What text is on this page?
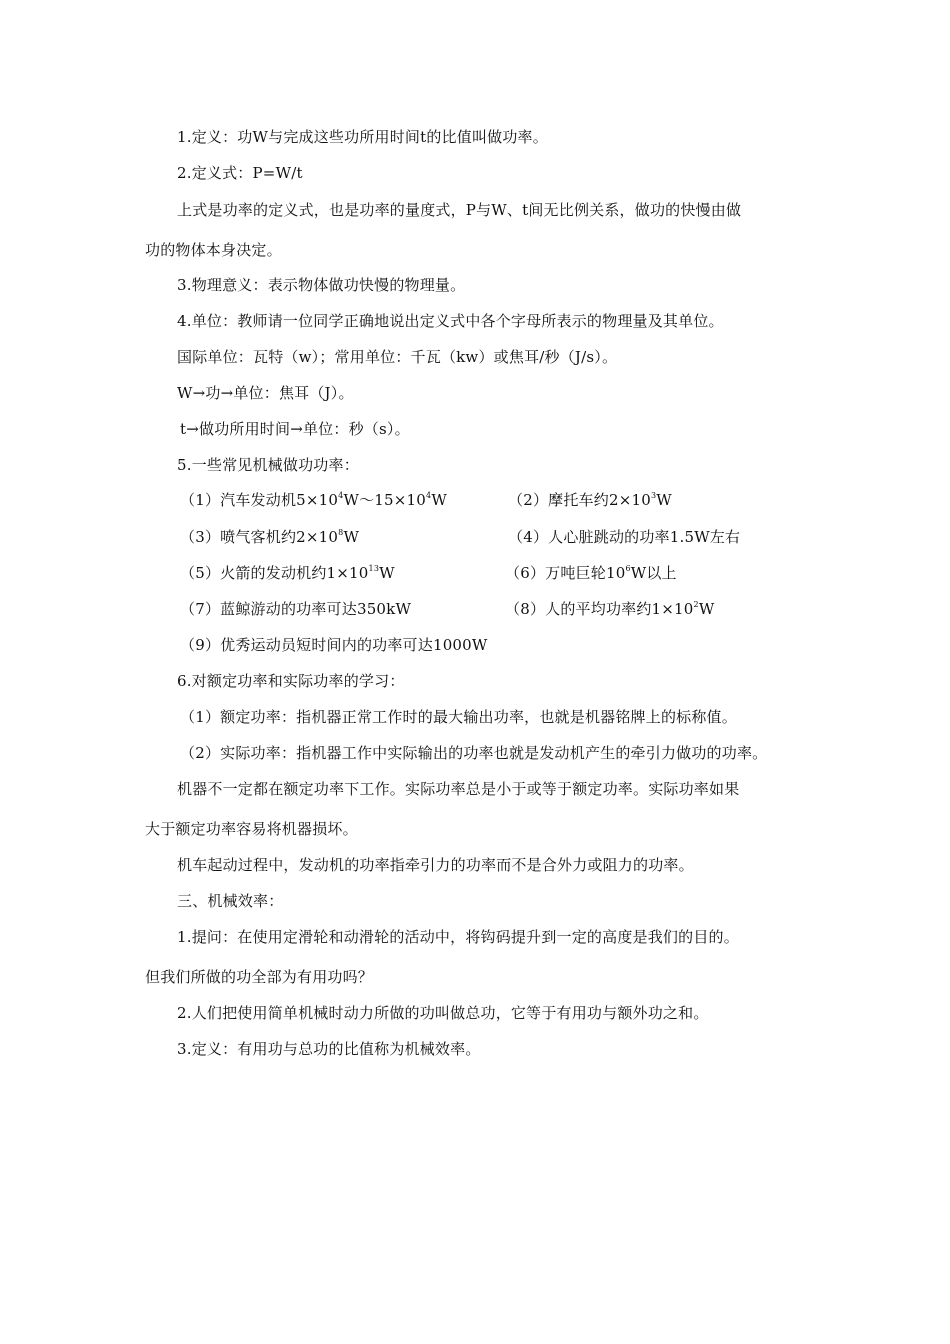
1.定义：功W与完成这些功所用时间t的比值叫做功率。
2.定义式：P=W/t
上式是功率的定义式，也是功率的量度式，P与W、t间无比例关系，做功的快慢由做
功的物体本身决定。
3.物理意义：表示物体做功快慢的物理量。
4.单位：教师请一位同学正确地说出定义式中各个字母所表示的物理量及其单位。
国际单位：瓦特（w）；常用单位：千瓦（kw）或焦耳/秒（J/s）。
W→功→单位：焦耳（J）。
t→做功所用时间→单位：秒（s）。
5.一些常见机械做功功率：
（1）汽车发动机$5\times 10^4W\sim 15\times 10^4W$	（2）摩托车约$2\times 10^3W$
（3）喷气客机约$2\times 10^8W$	（4）人心脏跳动的功率1.5W左右
（5）火箭的发动机约$1\times 10^{13}W$	（6）万吨巨轮$10^6W$以上
（7）蓝鲸游动的功率可达350kW	（8）人的平均功率约$1\times 10^2W$
（9）优秀运动员短时间内的功率可达1000W
6.对额定功率和实际功率的学习：
（1）额定功率：指机器正常工作时的最大输出功率，也就是机器铭牌上的标称值。
（2）实际功率：指机器工作中实际输出的功率也就是发动机产生的牵引力做功的功率。
机器不一定都在额定功率下工作。实际功率总是小于或等于额定功率。实际功率如果
大于额定功率容易将机器损坏。
机车起动过程中，发动机的功率指牵引力的功率而不是合外力或阻力的功率。
三、机械效率：
1.提问：在使用定滑轮和动滑轮的活动中，将钩码提升到一定的高度是我们的目的。
但我们所做的功全部为有用功吗？
2.人们把使用简单机械时动力所做的功叫做总功，它等于有用功与额外功之和。
3.定义：有用功与总功的比值称为机械效率。
